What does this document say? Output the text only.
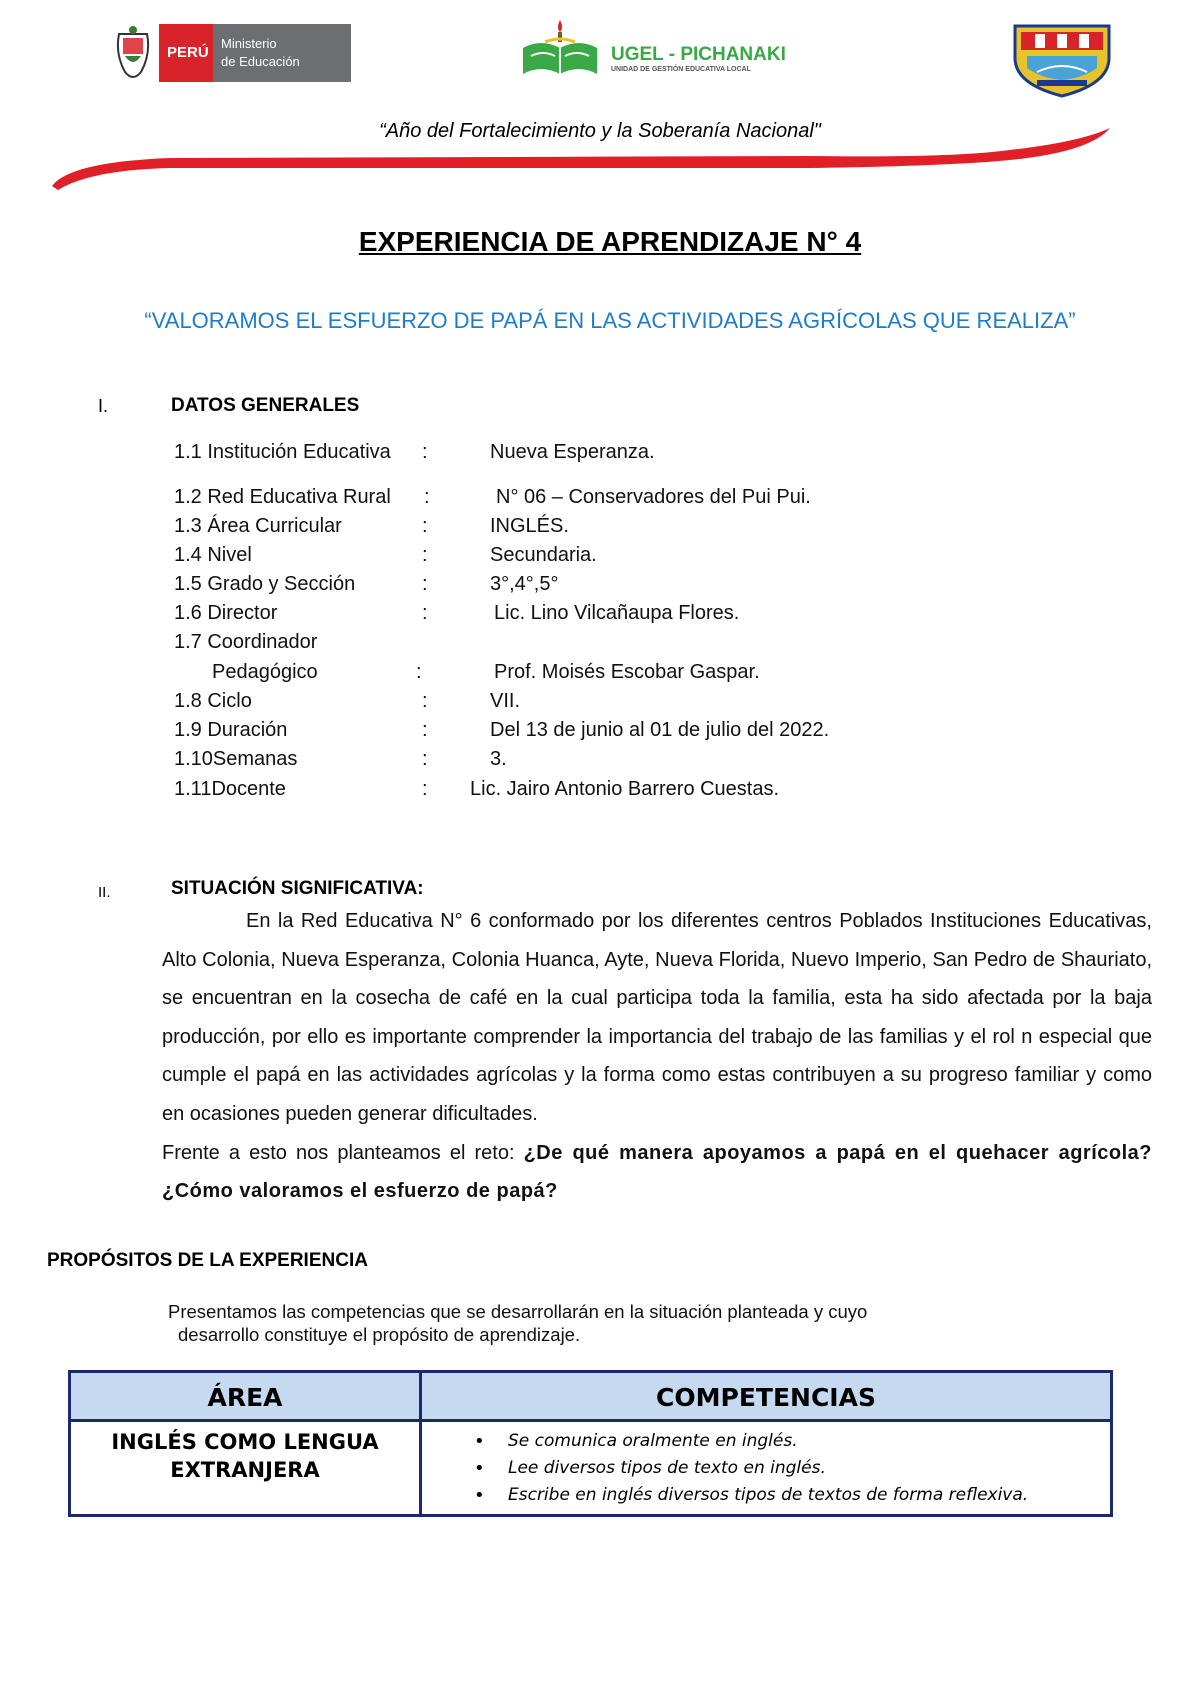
PERÚ
Ministerio
de Educación	UGEL - PICHANAKI
UNIDAD DE GESTIÓN EDUCATIVA LOCAL
“Año del Fortalecimiento y la Soberanía Nacional"
EXPERIENCIA DE APRENDIZAJE N° 4
“VALORAMOS EL ESFUERZO DE PAPÁ EN LAS ACTIVIDADES AGRÍCOLAS QUE REALIZA”
I.	DATOS GENERALES
1.1 Institución Educativa :	Nueva Esperanza.
1.2 Red Educativa Rural :	N° 06 – Conservadores del Pui Pui.
1.3 Área Curricular	:	INGLÉS.
1.4 Nivel	:	Secundaria.
1.5 Grado y Sección	:	3°,4°,5°
1.6 Director	:	Lic. Lino Vilcañaupa Flores.
1.7 Coordinador
Pedagógico	:	Prof. Moisés Escobar Gaspar.
1.8 Ciclo	:	VII.
1.9 Duración	:	Del 13 de junio al 01 de julio del 2022.
1.10Semanas	:	3.
1.11Docente	: Lic. Jairo Antonio Barrero Cuestas.
II.	SITUACIÓN SIGNIFICATIVA:

En la Red Educativa N° 6 conformado por los diferentes centros Poblados Instituciones Educativas, Alto Colonia, Nueva Esperanza, Colonia Huanca, Ayte, Nueva Florida, Nuevo Imperio, San Pedro de Shauriato, se encuentran en la cosecha de café en la cual participa toda la familia, esta ha sido afectada por la baja producción, por ello es importante comprender la importancia del trabajo de las familias y el rol n especial que cumple el papá en las actividades agrícolas y la forma como estas contribuyen a su progreso familiar y como en ocasiones pueden generar dificultades.

Frente a esto nos planteamos el reto: ¿De qué manera apoyamos a papá en el quehacer agrícola? ¿Cómo valoramos el esfuerzo de papá?

PROPÓSITOS DE LA EXPERIENCIA
Presentamos las competencias que se desarrollarán en la situación planteada y cuyo
desarrollo constituye el propósito de aprendizaje.
ÁREA	COMPETENCIAS
INGLÉS COMO LENGUA
EXTRANJERA
• Se comunica oralmente en inglés.
• Lee diversos tipos de texto en inglés.
• Escribe en inglés diversos tipos de textos de forma reflexiva.
